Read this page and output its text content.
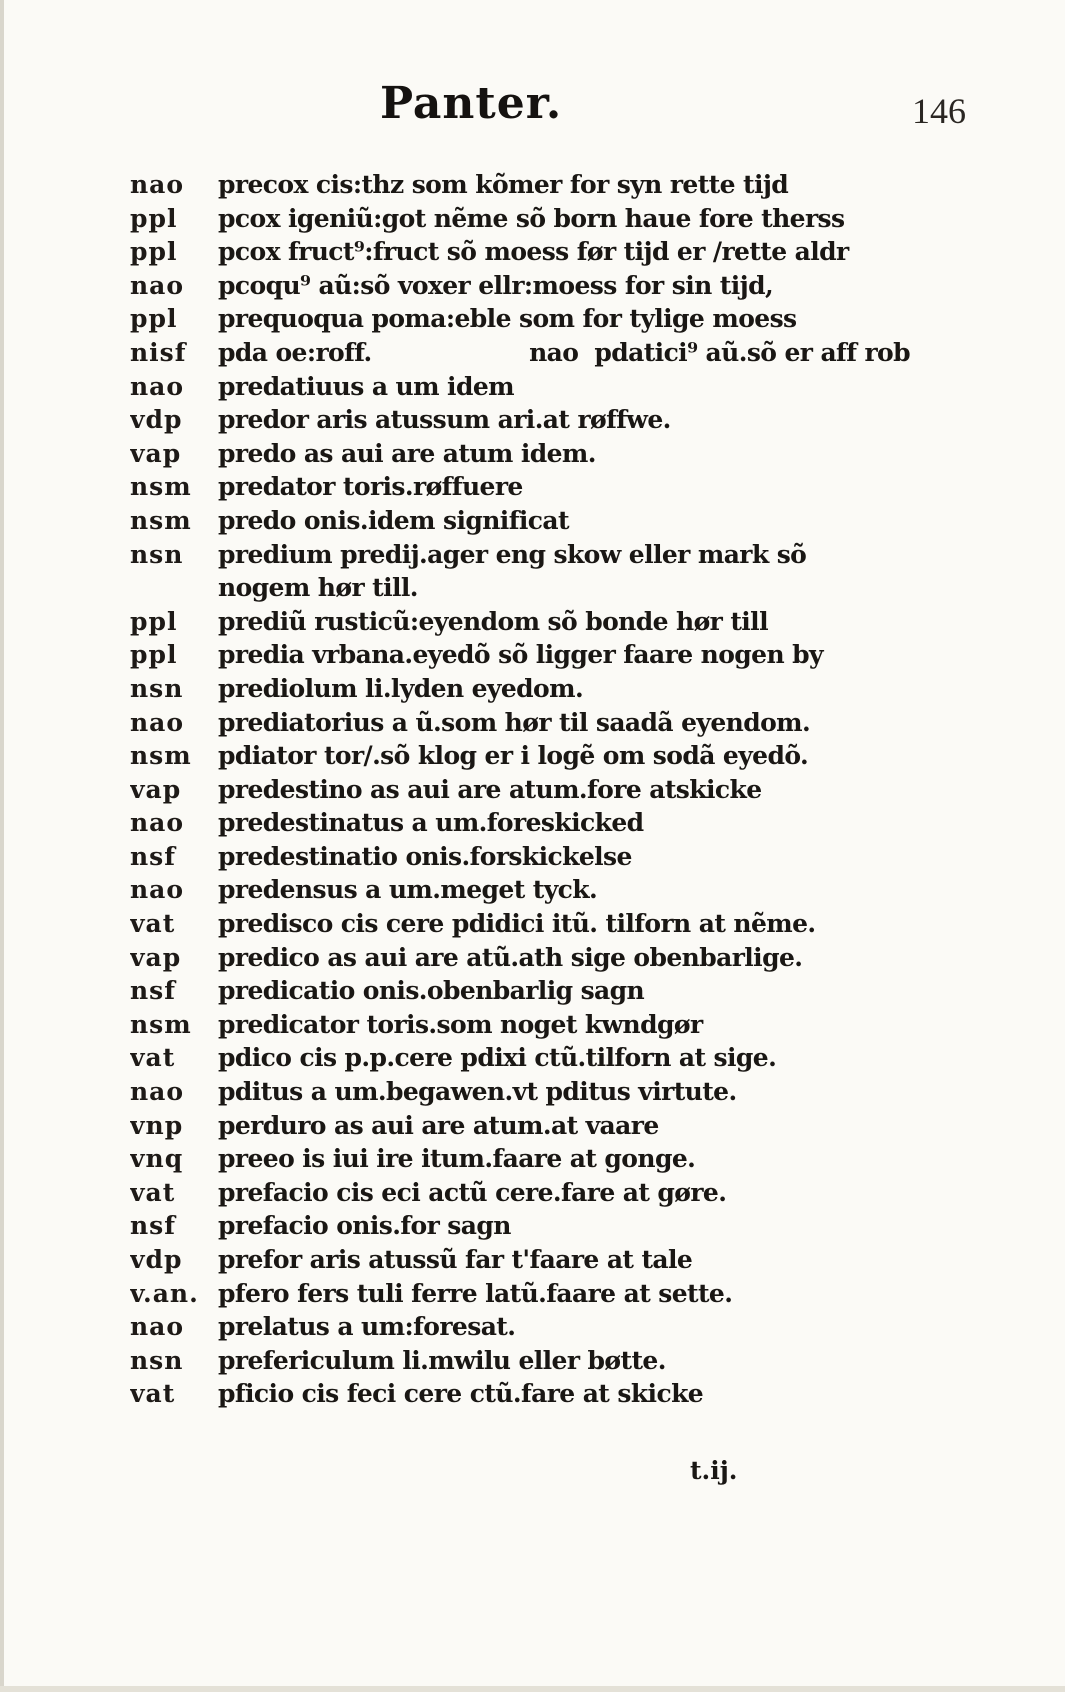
Panter.	146
nao	precox cis:thz som kõmer for syn rette tijd
ppl	pcox igeniũ:got nẽme sõ born haue fore therss
ppl	pcox fruct⁹:fruct sõ moess før tijd er /rette aldr
nao	pcoqu⁹ aũ:sõ voxer ellr:moess for sin tijd,
ppl	prequoqua poma:eble som for tylige moess
nisf	pda oe:roff.	nao pdatici⁹ aũ.sõ er aff rob
nao	predatiuus a um idem
vdp	predor aris atussum ari.at røffwe.
vap	predo as aui are atum idem.
nsm	predator toris.røffuere
nsm	predo onis.idem significat
nsn	predium predij.ager eng skow eller mark sõ
nogem hør till.
ppl	prediũ rusticũ:eyendom sõ bonde hør till
ppl	predia vrbana.eyedõ sõ ligger faare nogen by
nsn	prediolum li.lyden eyedom.
nao	prediatorius a ũ.som hør til saadã eyendom.
nsm	pdiator tor/.sõ klog er i logẽ om sodã eyedõ.
vap	predestino as aui are atum.fore atskicke
nao	predestinatus a um.foreskicked
nsf	predestinatio onis.forskickelse
nao	predensus a um.meget tyck.
vat	predisco cis cere pdidici itũ. tilforn at nẽme.
vap	predico as aui are atũ.ath sige obenbarlige.
nsf	predicatio onis.obenbarlig sagn
nsm	predicator toris.som noget kwndgør
vat	pdico cis p.p.cere pdixi ctũ.tilforn at sige.
nao	pditus a um.begawen.vt pditus virtute.
vnp	perduro as aui are atum.at vaare
vnq	preeo is iui ire itum.faare at gonge.
vat	prefacio cis eci actũ cere.fare at gøre.
nsf	prefacio onis.for sagn
vdp	prefor aris atussũ far t'faare at tale
v.an. pfero fers tuli ferre latũ.faare at sette.
nao	prelatus a um:foresat.
nsn	prefericulum li.mwilu eller bøtte.
vat	pficio cis feci cere ctũ.fare at skicke
t.ij.
